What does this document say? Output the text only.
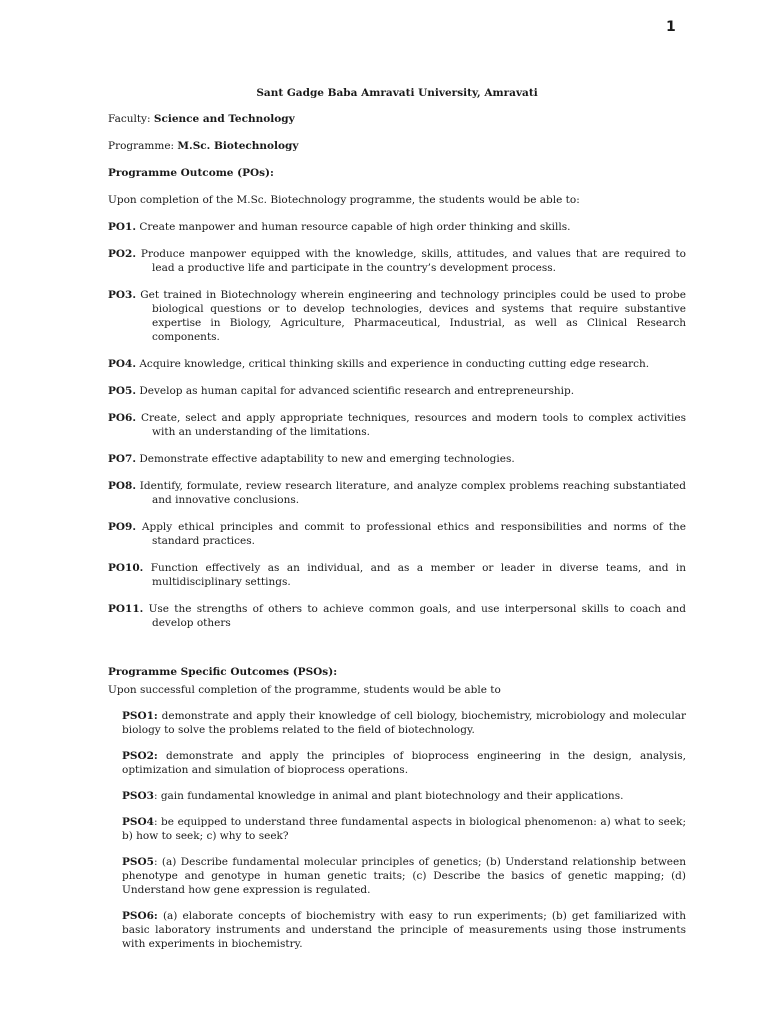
1
Sant Gadge Baba Amravati University, Amravati
Faculty: Science and Technology
Programme: M.Sc. Biotechnology
Programme Outcome (POs):
Upon completion of the M.Sc. Biotechnology programme, the students would be able to:
PO1. Create manpower and human resource capable of high order thinking and skills.
PO2. Produce manpower equipped with the knowledge, skills, attitudes, and values that are required to lead a productive life and participate in the country’s development process.
PO3. Get trained in Biotechnology wherein engineering and technology principles could be used to probe biological questions or to develop technologies, devices and systems that require substantive expertise in Biology, Agriculture, Pharmaceutical, Industrial, as well as Clinical Research components.
PO4. Acquire knowledge, critical thinking skills and experience in conducting cutting edge research.
PO5. Develop as human capital for advanced scientific research and entrepreneurship.
PO6. Create, select and apply appropriate techniques, resources and modern tools to complex activities with an understanding of the limitations.
PO7. Demonstrate effective adaptability to new and emerging technologies.
PO8. Identify, formulate, review research literature, and analyze complex problems reaching substantiated and innovative conclusions.
PO9. Apply ethical principles and commit to professional ethics and responsibilities and norms of the standard practices.
PO10. Function effectively as an individual, and as a member or leader in diverse teams, and in multidisciplinary settings.
PO11. Use the strengths of others to achieve common goals, and use interpersonal skills to coach and develop others
Programme Specific Outcomes (PSOs):
Upon successful completion of the programme, students would be able to
PSO1: demonstrate and apply their knowledge of cell biology, biochemistry, microbiology and molecular biology to solve the problems related to the field of biotechnology.
PSO2: demonstrate and apply the principles of bioprocess engineering in the design, analysis, optimization and simulation of bioprocess operations.
PSO3: gain fundamental knowledge in animal and plant biotechnology and their applications.
PSO4: be equipped to understand three fundamental aspects in biological phenomenon: a) what to seek; b) how to seek; c) why to seek?
PSO5: (a) Describe fundamental molecular principles of genetics; (b) Understand relationship between phenotype and genotype in human genetic traits; (c) Describe the basics of genetic mapping; (d) Understand how gene expression is regulated.
PSO6: (a) elaborate concepts of biochemistry with easy to run experiments; (b) get familiarized with basic laboratory instruments and understand the principle of measurements using those instruments with experiments in biochemistry.
